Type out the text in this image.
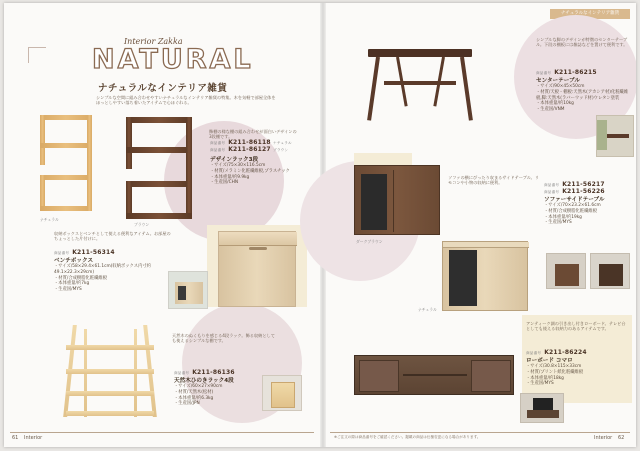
Interior Zakka
NATURAL
ナチュラルなインテリア雑貨
シンプルな空間に組み合わせやすいナチュラルなインテリア雑貨の特集。木を気軽で部屋全体をほっとしやすい落ち着いたアイテムで心ほぐれる。
ナチュラル
ブラウン
飾棚の様な棚の組み合わせが面白いデザインの3段棚です。
商品番号 K211-86118 ナチュラル
商品番号 K211-86127 ブラウン
デザインラック3段
・サイズ/75×30×116.5cm
・材質/メラミン化粧繊維板,プラスチック
・本体重量/約9.9kg
・生産国/CHN
収納ボックスとベンチとして使える便利なアイテム。お部屋のちょっとした片付けに。
商品番号 K211-56314
ベンチボックス
・サイズ/58×29.4×61.1cm(収納ボックス内寸約49.1×22.3×29cm)
・材質/合成樹脂化粧繊維板
・本体重量/約7kg
・生産国/MYS
天然木のぬくもりを感じる4段ラック。飾る収納としても使えるシンプルな棚です。
商品番号 K211-86136
天然木ひのきラック4段
・サイズ/60×27×90cm
・材質/天然木(松材)
・本体重量/約6.3kg
・生産国/JPN
61 Interior
ナチュラルなインテリア雑貨
シンプルな脚のデザインが特徴のセンターテーブル。下段の棚板には雑誌などを置けて便利です。
商品番号 K211-86215
センターテーブル
・サイズ/90×45×50cm
・材質/天板・棚板:天然木(アカシア材)化粧繊維板,脚:天然木(ラバーウッド材)ウレタン塗装
・本体重量/約10kg
・生産国/VNM
ダークブラウン
ソファの横にぴったり収まるサイドテーブル。リモコンや小物の収納に便利。	商品番号 K211-56217
商品番号 K211-56226
ソファーサイドテーブル
・サイズ/70×23.2×61.6cm
・材質/合成樹脂化粧繊維板
・本体重量/約19kg
・生産国/MYS
ナチュラル
アンティーク調の引き出し付きローボード。テレビ台としても使える収納力のあるアイテムです。
商品番号 K211-86224
ローボード コマロ
・サイズ/30.8×115×33cm
・材質/プリント紙化粧繊維板
・本体重量/約18kg
・生産国/MYS
※ご注文の際は商品番号をご確認ください。掲載の商品は仕様変更になる場合があります。	Interior 62
